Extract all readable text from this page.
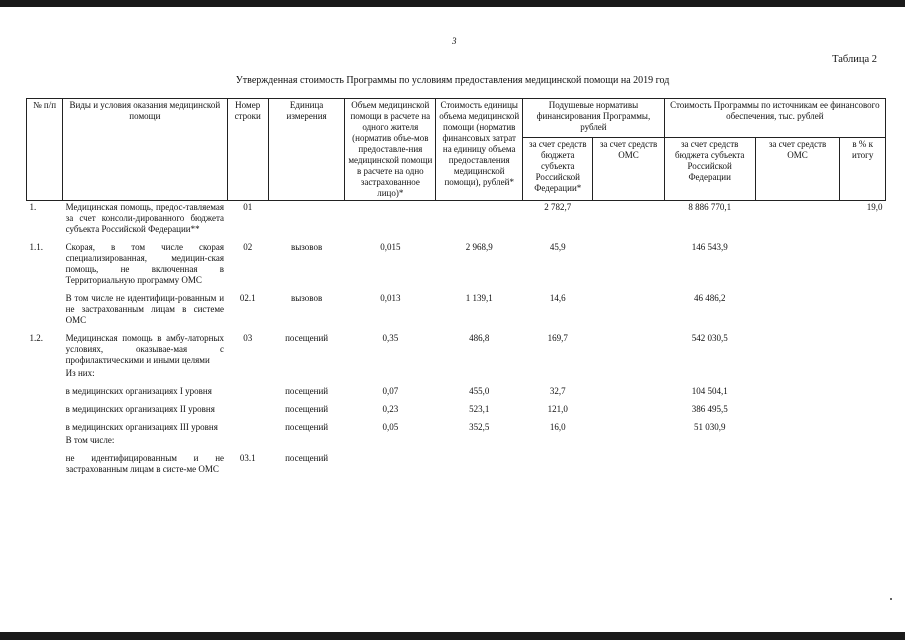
3
Таблица 2
Утвержденная стоимость Программы по условиям предоставления медицинской помощи на 2019 год
№ п/п	Виды и условия оказания медицинской помощи	Номер строки	Единица измерения	Объем медицинской помощи в расчете на одного жителя (норматив объе-мов предоставле-ния медицинской помощи в расчете на одно застрахованное лицо)*	Стоимость единицы объема медицинской помощи (норматив финансовых затрат на единицу объема предоставления медицинской помощи), рублей*	Подушевые нормативы финансирования Программы, рублей		Стоимость Программы по источникам ее финансового обеспечения, тыс. рублей		
						за счет средств бюджета субъекта Российской Федерации*	за счет средств ОМС	за счет средств бюджета субъекта Российской Федерации	за счет средств ОМС	в % к итогу
1.	Медицинская помощь, предос-тавляемая за счет консоли-дированного бюджета субъекта Российской Федерации**	01				2 782,7		8 886 770,1		19,0
1.1.	Скорая, в том числе скорая специализированная, медицин-ская помощь, не включенная в Территориальную программу ОМС	02	вызовов	0,015	2 968,9	45,9		146 543,9		
	В том числе не идентифици-рованным и не застрахованным лицам в системе ОМС	02.1	вызовов	0,013	1 139,1	14,6		46 486,2		
1.2.	Медицинская помощь в амбу-латорных условиях, оказывае-мая с профилактическими и иными целями	03	посещений	0,35	486,8	169,7		542 030,5		
	Из них:									
	в медицинских организациях I уровня		посещений	0,07	455,0	32,7		104 504,1		
	в медицинских организациях II уровня		посещений	0,23	523,1	121,0		386 495,5		
	в медицинских организациях III уровня		посещений	0,05	352,5	16,0		51 030,9		
	В том числе:									
	не идентифицированным и не застрахованным лицам в систе-ме ОМС	03.1	посещений							
